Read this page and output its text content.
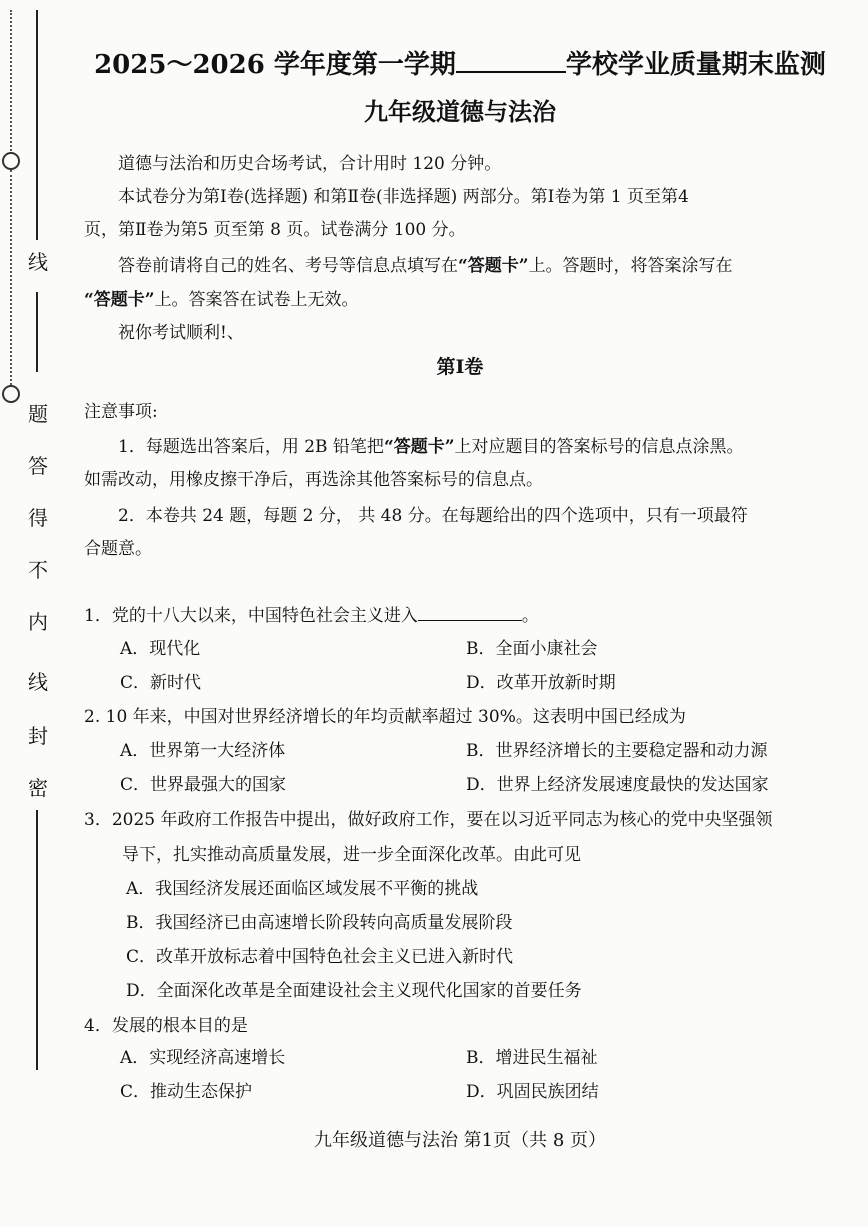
线
题
答
得
不
内
线
封
密
2025～2026 学年度第一学期	学校学业质量期末监测
九年级道德与法治
道德与法治和历史合场考试，合计用时 120 分钟。
本试卷分为第Ⅰ卷(选择题) 和第Ⅱ卷(非选择题) 两部分。第Ⅰ卷为第 1 页至第4
页，第Ⅱ卷为第5 页至第 8 页。试卷满分 100 分。
答卷前请将自己的姓名、考号等信息点填写在“答题卡”上。答题时，将答案涂写在
“答题卡”上。答案答在试卷上无效。
祝你考试顺利!、
第Ⅰ卷
注意事项:
1．每题选出答案后，用 2B 铅笔把“答题卡”上对应题目的答案标号的信息点涂黑。
如需改动，用橡皮擦干净后，再选涂其他答案标号的信息点。
2．本卷共 24 题，每题 2 分， 共 48 分。在每题给出的四个选项中，只有一项最符
合题意。
1．党的十八大以来，中国特色社会主义进入	。
A．现代化	B．全面小康社会
C．新时代	D．改革开放新时期
2. 10 年来，中国对世界经济增长的年均贡献率超过 30%。这表明中国已经成为
A．世界第一大经济体	B．世界经济增长的主要稳定器和动力源
C．世界最强大的国家	D．世界上经济发展速度最快的发达国家
3．2025 年政府工作报告中提出，做好政府工作，要在以习近平同志为核心的党中央坚强领
导下，扎实推动高质量发展，进一步全面深化改革。由此可见
A．我国经济发展还面临区域发展不平衡的挑战
B．我国经济已由高速增长阶段转向高质量发展阶段
C．改革开放标志着中国特色社会主义已进入新时代
D．全面深化改革是全面建设社会主义现代化国家的首要任务
4．发展的根本目的是
A．实现经济高速增长	B．增进民生福祉
C．推动生态保护	D．巩固民族团结
九年级道德与法治 第1页（共 8 页）
